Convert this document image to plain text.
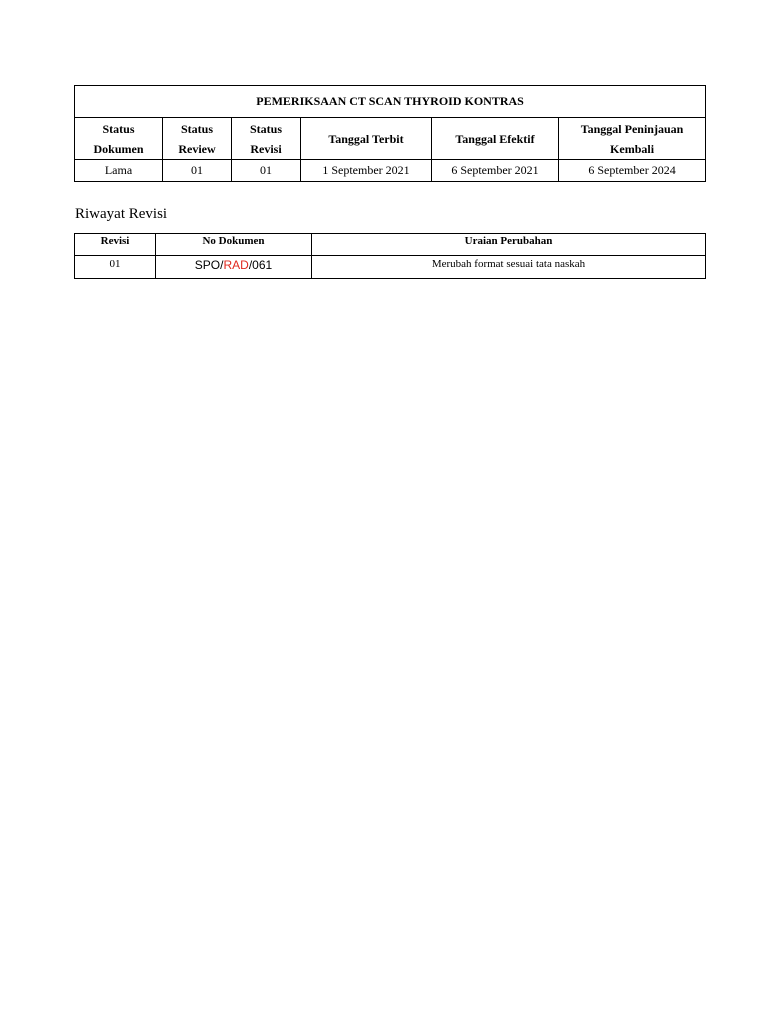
PEMERIKSAAN CT SCAN THYROID KONTRAS					
Status Dokumen	Status Review	Status Revisi	Tanggal Terbit	Tanggal Efektif	Tanggal Peninjauan Kembali
Lama	01	01	1 September 2021	6 September 2021	6 September 2024
Riwayat Revisi
Revisi	No Dokumen	Uraian Perubahan
01	SPO/RAD/061	Merubah format sesuai tata naskah
